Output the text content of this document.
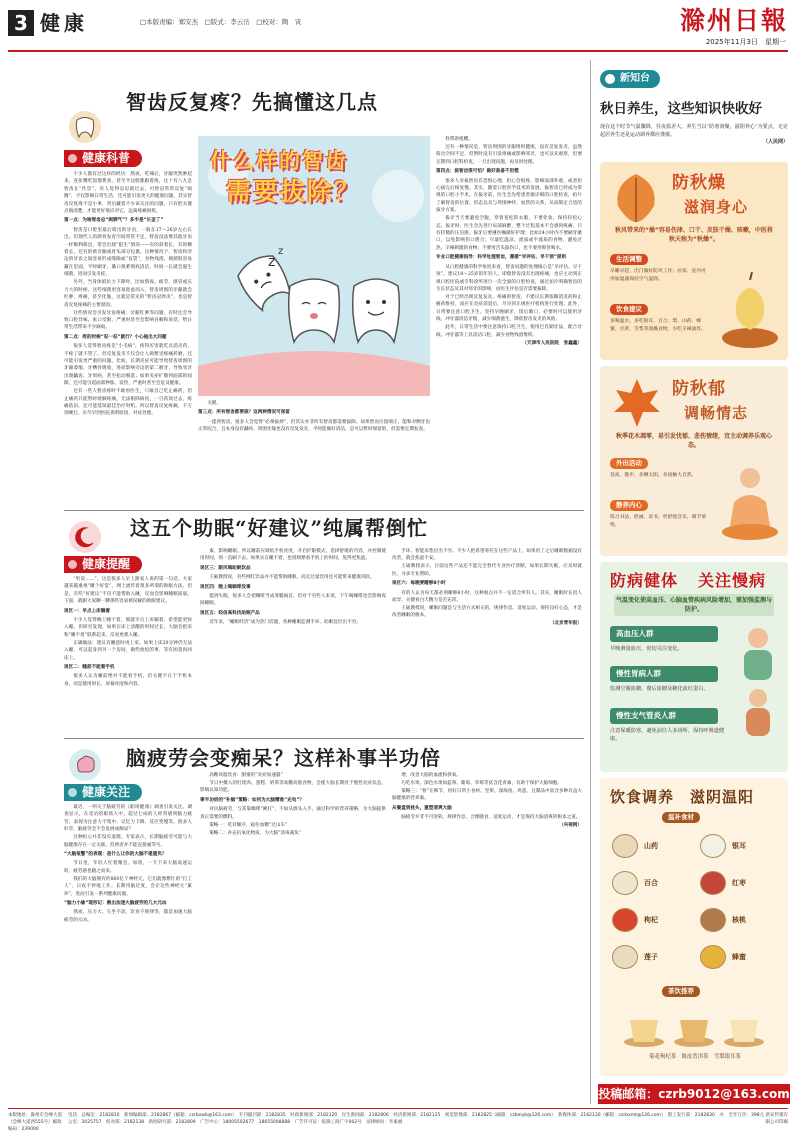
3 健康	□本版责编：郑安杰　□版式：李云岳　□校对：陶　寅	滁州日報
2025年11月3日　星期一
智齿反复疼？先搞懂这几点
健康科普

不少人都有过这样的经历：熬夜、吃辣后，牙龈突然肿起来，连张嘴吃饭都费劲，甚至半边脸都跟着疼，这十有八九是智齿在“作祟”。有人觉得忍忍就过去，可智齿常常反复“闹腾”，不仅影响日常生活，还可能引发更大的健康问题。其实智齿反复疼不是小事，背后藏着不少该关注的问题，只有把关键点搞清楚，才能更好地应对它、远离疼痛困扰。

第一点：为啥智齿总“闹脾气”？多半是“长歪了”

智齿是口腔里最后萌出的牙齿，一般在17～26岁左右长出。但现代人的颌骨发育空间常常不足，智齿没法像其他牙齿一样顺利萌出，常会出现“阻生”情况——有的斜着长，有的横着长，还有的被牙龈或骨头部分包裹。这种情况下，智齿和旁边的牙齿之间容易形成缝隙或“盲袋”，食物残渣、细菌很容易藏在里面，平时刷牙、漱口很难彻底清洁，时间一长就会滋生细菌，进而引发炎症。

另外，当身体抵抗力下降时，比如熬夜、疲劳、感冒或压力大的时候，这些细菌更容易趁虚而入，智齿周围的牙龈就会红肿、疼痛，甚至化脓，这就是常见的“智齿冠周炎”，也是智齿反复疼痛的主要原因。

这些情况会引发牙齿疼痛、牙龈红肿等问题，有时还会导致口腔异味、张口受限，严重时甚至会影响吞咽和说话，给日常生活带来不少麻烦。

第二点：疼的时候“忍一忍”就行？小心拖出大问题

很多人觉得智齿疼是“小毛病”，疼得厉害就吃点消炎药，不疼了就不管了。但反复发炎不仅会让人频繁受疼痛折磨，还可能引发更严重的问题。比如，长期炎症可能导致智齿周围的牙龈萎缩、牙槽骨吸收，进而影响旁边的第二磨牙，导致邻牙出现龋齿、牙周病，甚至松动脱落；如果炎症扩散到面部的间隙，还可能引起面部肿胀、发热，严重时甚至会危及健康。

还有一些人智齿疼时不敢看医生，只敢自己吃止痛药，但止痛药只能暂时缓解疼痛，无法根除病因，一旦药效过去，疼痛依旧，还可能延误最佳治疗时机。所以智齿反复疼痛，千万别硬扛，应尽早到医院查明原因，对症处理。

z
z
什么样的智齿
需要拔除？

关键。

第三点：所有智齿都要拔？这两种情况可保留

一提到智齿，很多人会觉得“必须拔掉”，但其实并非所有智齿都需要拔除。如果智齿位置端正，能和对侧牙齿正常咬合，且本身没有龋坏、周围牙龈也没有反复发炎，平时能做好清洁，是可以暂时保留的，但需要定期复查。

样帮助咀嚼。

还有一种情况是，智齿周围的牙龈组织健康，没有反复发炎，虽然萌出空间不足，但暂时没有引发疼痛或影响邻牙，也可以先观察，但要定期到口腔科检查，一旦出现问题，再及时处理。

第四点：拔智齿很可怕？做好准备不用慌

很多人对拔智齿有恐惧心理，担心会很疼、影响面部外观，或者担心拔完后恢复慢。其实，随着口腔医学技术的发展，拔智齿已经成为常规的口腔小手术。在拔牙前，医生会先给患者做详细的口腔检查，拍片了解智齿的位置、形态以及与周围神经、血管的关系，从而制定合适的拔牙方案。

拔牙当天要避免空腹，穿着宽松的衣服，不要化妆，保持轻松心态。拔牙时，医生会先进行局部麻醉，整个过程基本不会感到疼痛，只有轻微的压迫感。拔牙后要遵医嘱做好护理：比如24小时内不要刷牙漱口，以免影响伤口愈合；尽量吃温凉、流质或半流质的食物，避免过热、辛辣刺激的食物；不要用舌头舔伤口，也不要用吸管喝水。

专业口腔健康指导：科学处理智齿，遵循“早评估、早干预”原则

从口腔健康的科学角度来看，智齿问题的处理核心是“早评估、早干预”。建议18～25岁的年轻人，即使智齿没有出现疼痛，也应主动到正规口腔医院或专科诊所进行一次全面的口腔检查，通过拍片明确智齿的生长状态及其对邻牙的影响，由医生评估是否需要拔除。

对于已经出现反复发炎、疼痛的智齿，不建议长期依赖消炎药和止痛药维持，而应在炎症消退后，尽早到正规医疗机构进行处理。此外，日常要注意口腔卫生，坚持早晚刷牙，饭后漱口，必要时可以使用牙线、冲牙器清洁牙缝，减少细菌滋生，降低智齿发炎的风险。

此外，日常生活中要注意保持口腔卫生，使用巴氏刷牙法，配合牙线、冲牙器等工具清洁口腔，减少食物残渣堆积。

（天津市人民医院　张鑫鑫）

这五个助眠“好建议”纯属帮倒忙
健康提醒

“听说……”。这是很多人早上跟家人说的第一句话。大家越来越重视“睡个好觉”。网上流传着很多所谓的助眠方法，但是，有些“好建议”不仅不能帮助入睡，反而会影响睡眠质量。下面，就跟大家聊一聊那些容易被误解的助眠建议。

误区一：早点上床躺着

不少人觉得晚上睡不着，那就早点上床躺着，希望能更快入睡。但研究发现，如果在床上清醒的时间过长，大脑会把床和“睡不着”联系起来，反而更难入睡。

正确做法：建议有睡意时再上床。如果上床20分钟仍无法入睡，可以起身到另一个房间，做些放松的事，等有困意再回床上。

误区二：睡前不能看手机

很多人认为睡前绝对不能看手机，但关键不在于手机本身，而是使用时长、屏幕亮度和内容。

素，影响睡眠。所以睡前应调低手机亮度，开启护眼模式，选择舒缓的内容，并控制使用时间，别一直刷下去。如果实在睡不着，也别频繁看手机上的时间，免得更焦虑。

误区三：跟风喝助眠饮品

王砺教授说，有些网红饮品并不能帮助睡眠，而且过量饮用还可能带来健康风险。

误区四：晚上喝咖啡没事

提到失眠，很多人会把咖啡当成罪魁祸首，但对于有些人来说，下午喝咖啡也会影响夜间睡眠。

误区五：轻信高科技助眠产品

近年来，“睡眠经济”成为热门话题，各种睡眠监测手环、助眠仪层出不穷。

手环、智能床垫层出不穷。不少人把希望寄托在这些产品上，如果用了之后睡眠数据没有改善，就会焦虑不安。

王砺教授表示，目前这些产品还不能完全替代专业医疗诊断。如果长期失眠，应及时就医，寻求专业帮助。

误区六：每晚要睡够8小时

有的人认为每天都必须睡够8小时，这种观点并不一定适合所有人。其实，睡眠时长因人而异，关键看白天精力是否充沛。

王砺教授说，睡眠问题是与生活方式相关的，规律作息、适度运动、保持良好心态，才是改善睡眠的根本。

（北京青年报）

脑疲劳会变痴呆？这样补事半功倍
健康关注

最近，一则关于脑疲劳的《职场健康》调查引发关注。调查显示，在受访的职场人中，超过七成的人经常感到脑力疲劳，表现为注意力不集中、记忆力下降、反应变慢等。很多人好奇，脑疲劳会不会发展成痴呆？

这种担心并非没有道理。专家表示，长期脑疲劳可能与大脑健康存在一定关联，但两者并不能直接画等号。

“大脑报警”的表现：是什么让你的大脑不堪重负？

节日里，年轻人忙着聚会、加班，一天下来大脑高速运转，疲劳感也随之而来。

我们的大脑拥有约860亿个神经元，它们就像繁忙的“打工人”，日夜不停地工作。长期用脑过度，会让这些神经元“累坏”，进而引发一系列健康问题。

“脑力小偷”现形记：揪出加速大脑疲劳的几大元凶

熬夜、压力大、久坐不动、饮食不规律等，都是加速大脑疲劳的元凶。

高糖高脂饮食：甜蜜的“炎症加速器”

节日中摄入的红烧肉、蛋糕、奶茶等高糖高脂食物，会使大脑长期处于慢性炎症状态，影响认知功能。

事半功倍的“补脑”策略：如何为大脑精准“充电”？

对抗脑疲劳，与其靠咖啡“硬扛”，不如从源头入手，通过科学的营养策略，为大脑提供真正需要的燃料。

策略一：吃对顺序，稳住血糖“过山车”

策略二：补充抗氧化物质，为大脑“清毒减负”

增，改善大脑的血流和供氧。

巧吃水果。深色水果如蓝莓、葡萄、草莓等富含花青素，有助于保护大脑细胞。

策略三：“智”在细节，用好日常小食材。坚果、深海鱼、鸡蛋、豆制品中富含多种有益大脑健康的营养素。

从餐盘到枕头，重塑清爽大脑

脑疲劳并非不可逆转。规律作息、合理膳食、适度运动，才是保持大脑清爽的根本之道。

（央视网）

新知台
秋日养生，这些知识快收好
现在这个时节气温骤降，昼夜温差大。养生当以“防寒润燥，滋阴养心”为要点，无论起居养生还是运动调养都应谨慎。
（人民网）
防秋燥
滋润身心
秋风带来的“燥”容易伤津、口干、皮肤干燥、咳嗽，中医将秋天称为“秋燥”。
生活调整
早睡早起，出门做好防风工作；居家、室内可用加湿器保持空气湿润。
饮食建议
多喝温水，多吃银耳、百合、梨、山药、蜂蜜、甘蔗、雪梨等润燥食物，少吃辛辣油炸。
防秋郁
调畅情志
秋季花木凋零，易引发忧郁、悲伤情绪，宜主动调养乐观心态。
外出活动
登高、散步，多晒太阳，多接触大自然。
静养内心
练习书法、绘画、读书，听舒缓音乐，调节情绪。
防病健体 关注慢病
气温变化使高血压、心脑血管疾病风险增加，需加强监测与防护。
高血压人群
早晚测量血压，密切关注变化。
慢性胃病人群
监测空腹血糖，餐后血糖及糖化血红蛋白。
慢性支气管炎人群
注意保暖防寒，避免前往人多场所，保持呼吸道健康。
饮食调养　滋阴温阳
温补食材
山药	银耳
百合	红枣
枸杞	核桃
莲子	蜂蜜
茶饮推荐
菊花枸杞茶　陈皮普洱茶　雪梨银耳茶
投稿邮箱：czrb9012@163.com
本版地址：滁州市会峰大道（会峰大道西555号）邮政编码：239000
电话：总编室：2182810　新闻编辑部：2182867（邮箱：czrbxwb@163.com）　专刊副刊部：2182835　时政新闻部：2182120　民生新闻部：2182806　经济新闻部：2182125　视觉影像部：2182825（邮箱：czbeiyb@126.com）　新媒体部：2182130（邮箱：czrbxmt@126.com）　群工发行部：2182830　办公室：3025757　校对部：2182138　新闻研究部：2182809　广告中心：18005502677　18655008888　广告许可证：皖滁工商广字002号　法律顾问：李素丽
全年订价：398元 新安传媒有限公司印刷
